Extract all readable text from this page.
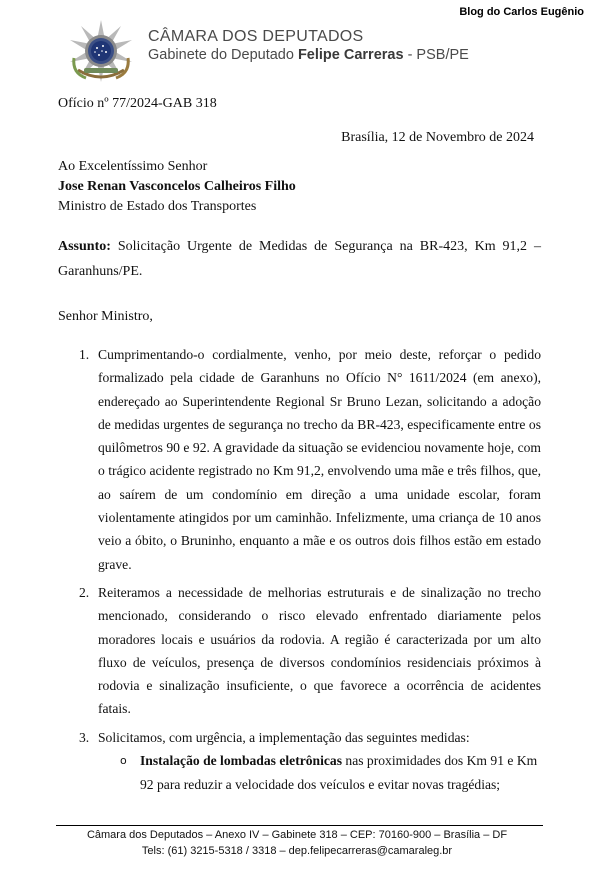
Blog do Carlos Eugênio
CÂMARA DOS DEPUTADOS
Gabinete do Deputado Felipe Carreras - PSB/PE
Ofício nº 77/2024-GAB 318
Brasília, 12 de Novembro de 2024
Ao Excelentíssimo Senhor
Jose Renan Vasconcelos Calheiros Filho
Ministro de Estado dos Transportes
Assunto: Solicitação Urgente de Medidas de Segurança na BR-423, Km 91,2 – Garanhuns/PE.
Senhor Ministro,
1. Cumprimentando-o cordialmente, venho, por meio deste, reforçar o pedido formalizado pela cidade de Garanhuns no Ofício N° 1611/2024 (em anexo), endereçado ao Superintendente Regional Sr Bruno Lezan, solicitando a adoção de medidas urgentes de segurança no trecho da BR-423, especificamente entre os quilômetros 90 e 92. A gravidade da situação se evidenciou novamente hoje, com o trágico acidente registrado no Km 91,2, envolvendo uma mãe e três filhos, que, ao saírem de um condomínio em direção a uma unidade escolar, foram violentamente atingidos por um caminhão. Infelizmente, uma criança de 10 anos veio a óbito, o Bruninho, enquanto a mãe e os outros dois filhos estão em estado grave.
2. Reiteramos a necessidade de melhorias estruturais e de sinalização no trecho mencionado, considerando o risco elevado enfrentado diariamente pelos moradores locais e usuários da rodovia. A região é caracterizada por um alto fluxo de veículos, presença de diversos condomínios residenciais próximos à rodovia e sinalização insuficiente, o que favorece a ocorrência de acidentes fatais.
3. Solicitamos, com urgência, a implementação das seguintes medidas:
o Instalação de lombadas eletrônicas nas proximidades dos Km 91 e Km 92 para reduzir a velocidade dos veículos e evitar novas tragédias;
Câmara dos Deputados – Anexo IV – Gabinete 318 – CEP: 70160-900 – Brasília – DF
Tels: (61) 3215-5318 / 3318 – dep.felipecarreras@camaraleg.br
